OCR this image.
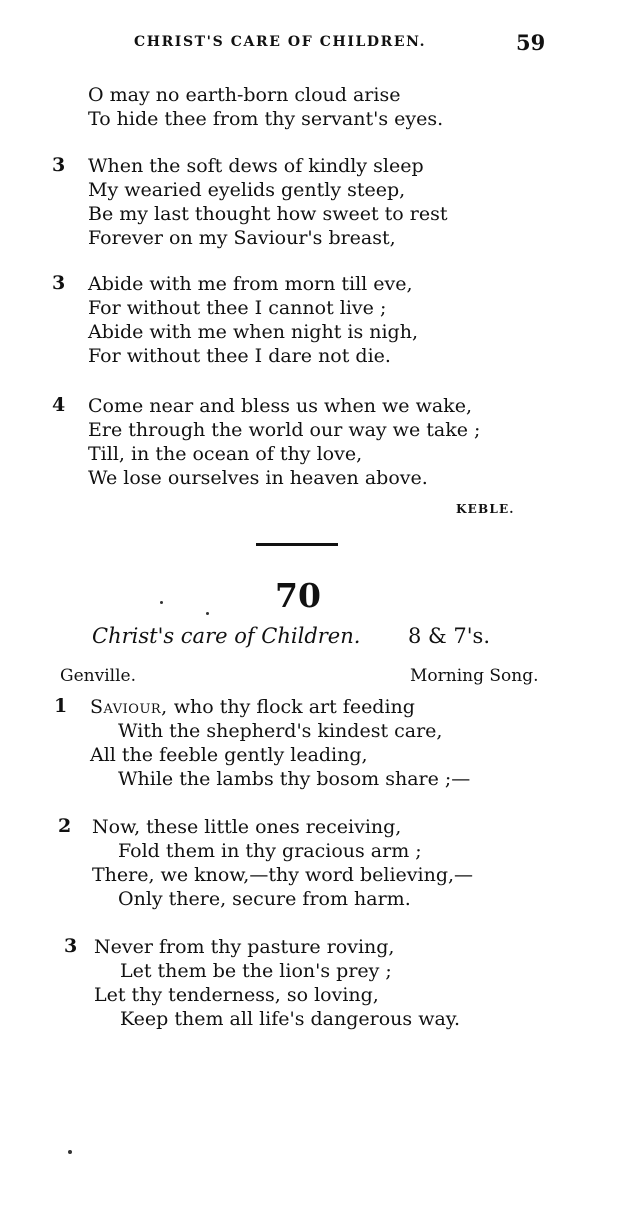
CHRIST'S CARE OF CHILDREN.	59
O may no earth-born cloud arise
To hide thee from thy servant's eyes.
3 When the soft dews of kindly sleep
My wearied eyelids gently steep,
Be my last thought how sweet to rest
Forever on my Saviour's breast,
3 Abide with me from morn till eve,
For without thee I cannot live ;
Abide with me when night is nigh,
For without thee I dare not die.
4 Come near and bless us when we wake,
Ere through the world our way we take ;
Till, in the ocean of thy love,
We lose ourselves in heaven above.
KEBLE.
70
Christ's care of Children. 8 & 7's.
Genville.	Morning Song.
1 Saviour, who thy flock art feeding
With the shepherd's kindest care,
All the feeble gently leading,
While the lambs thy bosom share ;—
2 Now, these little ones receiving,
Fold them in thy gracious arm ;
There, we know,—thy word believing,—
Only there, secure from harm.
3 Never from thy pasture roving,
Let them be the lion's prey ;
Let thy tenderness, so loving,
Keep them all life's dangerous way.
